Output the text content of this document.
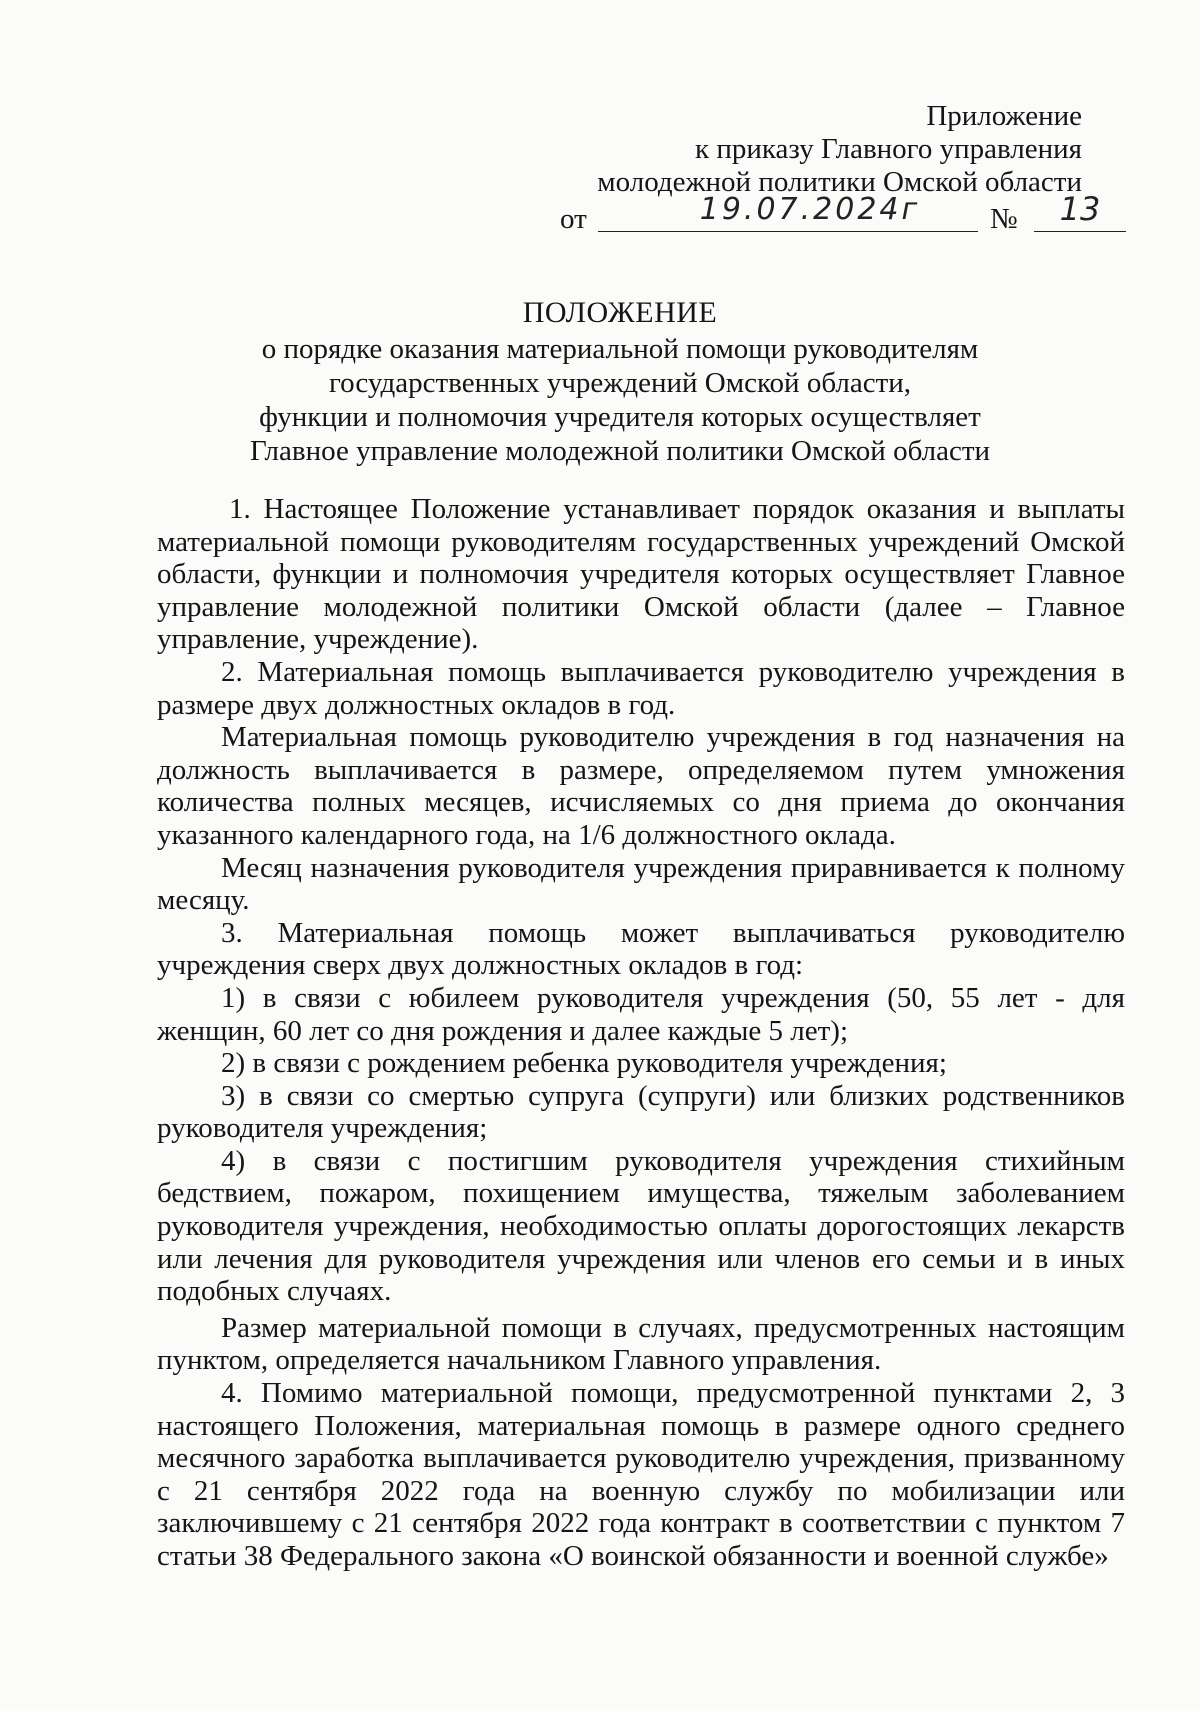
Приложение
к приказу Главного управления
молодежной политики Омской области
от	19.07.2024г	№	13
ПОЛОЖЕНИЕ
о порядке оказания материальной помощи руководителям
государственных учреждений Омской области,
функции и полномочия учредителя которых осуществляет
Главное управление молодежной политики Омской области

1. Настоящее Положение устанавливает порядок оказания и выплаты материальной помощи руководителям государственных учреждений Омской области, функции и полномочия учредителя которых осуществляет Главное управление молодежной политики Омской области (далее – Главное управление, учреждение).

2. Материальная помощь выплачивается руководителю учреждения в размере двух должностных окладов в год.

Материальная помощь руководителю учреждения в год назначения на должность выплачивается в размере, определяемом путем умножения количества полных месяцев, исчисляемых со дня приема до окончания указанного календарного года, на 1/6 должностного оклада.

Месяц назначения руководителя учреждения приравнивается к полному месяцу.

3. Материальная помощь может выплачиваться руководителю учреждения сверх двух должностных окладов в год:

1) в связи с юбилеем руководителя учреждения (50, 55 лет - для женщин, 60 лет со дня рождения и далее каждые 5 лет);

2) в связи с рождением ребенка руководителя учреждения;

3) в связи со смертью супруга (супруги) или близких родственников руководителя учреждения;

4) в связи с постигшим руководителя учреждения стихийным бедствием, пожаром, похищением имущества, тяжелым заболеванием руководителя учреждения, необходимостью оплаты дорогостоящих лекарств или лечения для руководителя учреждения или членов его семьи и в иных подобных случаях.

Размер материальной помощи в случаях, предусмотренных настоящим пунктом, определяется начальником Главного управления.

4. Помимо материальной помощи, предусмотренной пунктами 2, 3 настоящего Положения, материальная помощь в размере одного среднего месячного заработка выплачивается руководителю учреждения, призванному с 21 сентября 2022 года на военную службу по мобилизации или заключившему с 21 сентября 2022 года контракт в соответствии с пунктом 7 статьи 38 Федерального закона «О воинской обязанности и военной службе»
